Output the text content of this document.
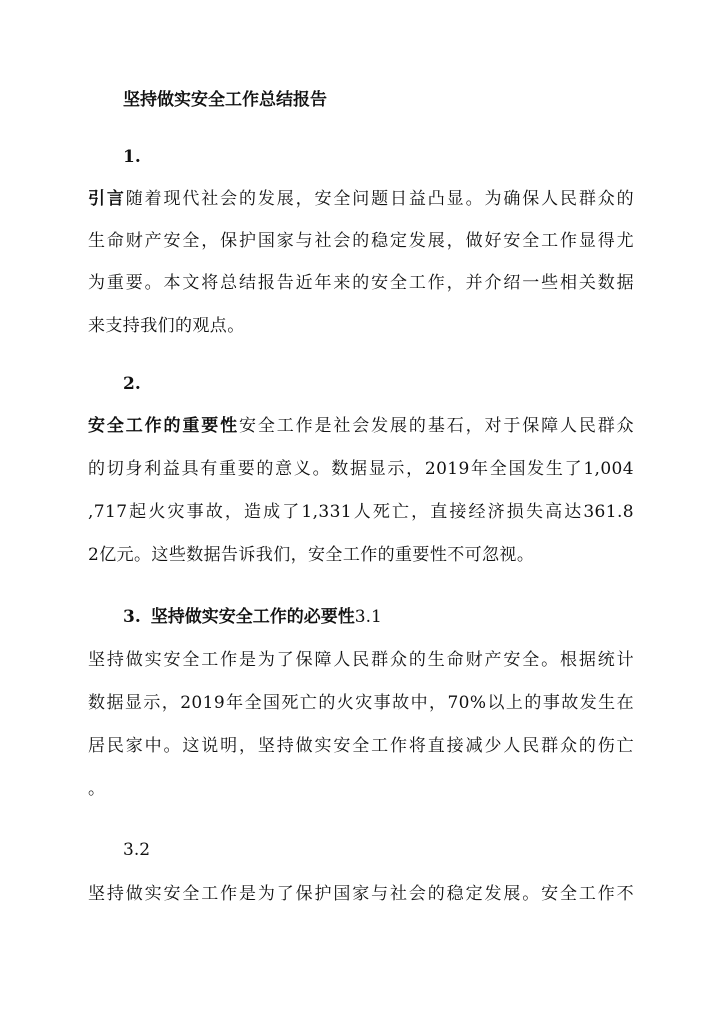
坚持做实安全工作总结报告
1.
引言随着现代社会的发展，安全问题日益凸显。为确保人民群众的
生命财产安全，保护国家与社会的稳定发展，做好安全工作显得尤
为重要。本文将总结报告近年来的安全工作，并介绍一些相关数据
来支持我们的观点。
2.
安全工作的重要性安全工作是社会发展的基石，对于保障人民群众
的切身利益具有重要的意义。数据显示，2019年全国发生了1,004
,717起火灾事故，造成了1,331人死亡，直接经济损失高达361.8
2亿元。这些数据告诉我们，安全工作的重要性不可忽视。
3. 坚持做实安全工作的必要性3.1
坚持做实安全工作是为了保障人民群众的生命财产安全。根据统计
数据显示，2019年全国死亡的火灾事故中，70%以上的事故发生在
居民家中。这说明，坚持做实安全工作将直接减少人民群众的伤亡
。
3.2
坚持做实安全工作是为了保护国家与社会的稳定发展。安全工作不
